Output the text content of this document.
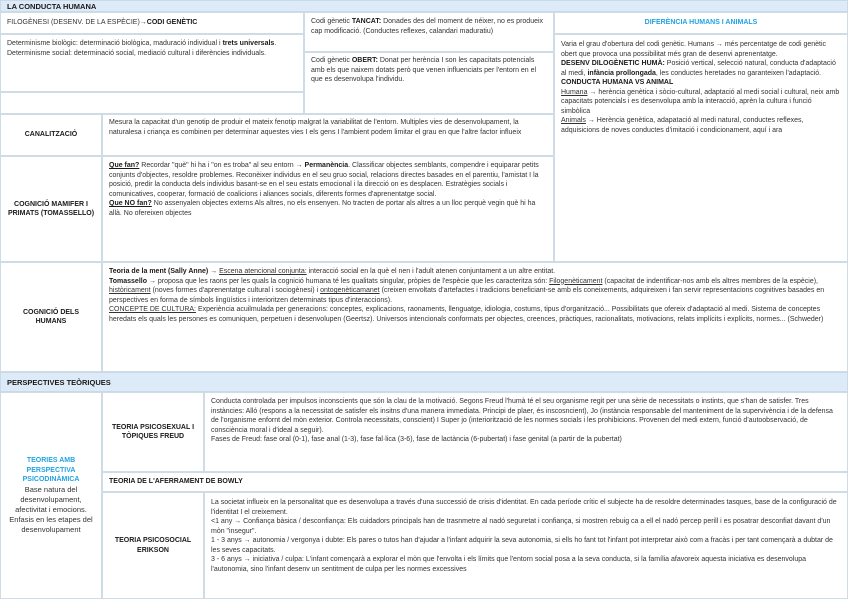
LA CONDUCTA HUMANA
FILOGÈNESI (DESENV. DE LA ESPÈCIE) → CODI GENÈTIC

Determinisme biològic: determinació biològica, maduració individual i trets universals.

Determinisme social: determinació social, mediació cultural i diferències individuals.

Codi gènetic TANCAT: Donades des del moment de néixer, no es produeix cap modificació. (Conductes reflexes, calandari maduratiu)
Codi gènetic OBERT: Donat per herència I son les capacitats potencials amb els que naixem dotats però que venen influenciats per l'entorn en el que es desenvolupa l'individu.
DIFERÈNCIA HUMANS I ANIMALS

Varia el grau d'obertura del codi genètic. Humans → més percentatge de codi genètic obert que provoca una possibilitat més gran de desenvi aprenentatge.

DESENV DILOGÈNETIC HUMÀ: Posició vertical, selecció natural, conducta d'adaptació al medi, infància prollongada, les conductes heretades no garanteixen l'adaptació.

CONDUCTA HUMANA VS ANIMAL

Humana → herència genètica i sòcio-cultural, adaptació al medi social i cultural, neix amb capacitats potencials i es desenvolupa amb la interacció, aprèn la cultura i funció simbòlica

Animals → Herència genètica, adapatació al medi natural, conductes reflexes, adquisicions de noves conductes d'imitació i condicionament, aquí i ara

CANALITZACIÓ
Mesura la capacitat d'un genotip de produir el mateix fenotip malgrat la variabilitat de l'entorn. Multiples vies de desenvolupament, la naturalesa i criança es combinen per determinar aquestes vies I els gens I l'ambient podem limitar el grau en que l'altre factor influeix
COGNICIÓ MAMIFER I PRIMATS (TOMASSELLO)

Que fan? Recordar "què" hi ha i "on es troba" al seu entorn → Permanència. Classificar objectes semblants, compendre i equiparar petits conjunts d'objectes, resoldre problemes. Reconèixer individus en el seu gruo social, relacions directes basades en el parentiu, l'amistat I la posició, predir la conducta dels individus basant-se en el seu estats emocional i la direcció on es desplacen. Estratègies socials i comunicatives, cooperar, formació de coalicions i aliances socials, diferents formes d'aprenentatge social.

Que NO fan? No assenyalen objectes externs Als altres, no els ensenyen. No tracten de portar als altres a un lloc perquè vegin què hi ha allà. No ofereixen objectes

COGNICIÓ DELS HUMANS

Teoria de la ment (Sally Anne) → Escena atencional conjunta: interacció social en la què el nen i l'adult atenen conjuntament a un altre entitat.

Tomassello → proposa que les raons per les quals la cognició humana té les qualitats singular, pròpies de l'espècie que les caracteritza són: Filogenèticament (capacitat de indentificar-nos amb els altres membres de la espècie), històricament (noves formes d'aprenentatge cultural i sociogènesi) i ontogenèticamanet (creixen envoltats d'artefactes i tradicions beneficiant-se amb els coneixements, adquireixen i fan servir representacions cognitives basades en perspectives en forma de símbols lingüístics i interioritzen determinats tipus d'interaccions).

CONCEPTE DE CULTURA: Experiència acuilmulada per generacions: conceptes, explicacions, raonaments, llenguatge, idiologia, costums, tipus d'organització... Possibilitats que ofereix d'adaptació al medi. Sistema de conceptes heredats els quals les persones es comuniquen, perpetuen i desenvolupen (Geertsz). Universos intencionals conformats per objectes, creences, pràctiques, racionalitats, motivacions, relats implícits i explícits, normes... (Schweder)

PERSPECTIVES TEÒRIQUES

TEORIES AMB PERSPECTIVA PSICODINÀMICA

Base natura del desenvolupament, afectivitat i emocions. Enfasis en les etapes del desenvolupament

TEORIA PSICOSEXUAL I TÒPIQUES FREUD

Conducta controlada per impulsos inconscients que són la clau de la motivació. Segons Freud l'humà té el seu organisme regit per una sèrie de necessitats o instints, que s'han de satisfer. Tres instàncies: Alló (respons a la necessitat de satisfer els insitns d'una manera immediata. Principi de plaer, és inscosncient), Jo (instància responsable del manteniment de la supervivència i de la defensa de l'organisme enfornt del mòn exterior. Controla necessitats, conscient) I Super jo (interiorització de les normes socials i les prohibicions. Provenen del medi extern, funció d'autoobservació, de consciència moral i d'ideal a seguir).

Fases de Freud: fase oral (0-1), fase anal (1-3), fase fal·lica (3-6), fase de lactància (6-pubertat) i fase genital (a partir de la pubertat)

TEORIA DE L'AFERRAMENT DE BOWLY
TEORIA PSICOSOCIAL ERIKSON

La societat influeix en la personalitat que es desenvolupa a través d'una successió de crisis d'identitat. En cada període crític el subjecte ha de resoldre determinades tasques, base de la configuració de l'identitat I el creixement.

<1 any → Confiança bàsica / desconfiança: Els cuidadors principals han de trasnmetre al nadó seguretat i confiança, si mostren rebuig ca a ell el nadó percep perill i es posatrar desconfiat davant d'un mòn "insegur".

1 - 3 anys → autonomia / vergonya i dubte: Els pares o tutos han d'ajudar a l'infant adquirir la seva autonomia, si ells ho fant tot l'infant pot interpretar això com a fracàs i per tant començarà a dubtar de les seves capacitats.

3 - 6 anys → iniciativa / culpa: L'infant començarà a explorar el mòn que l'envolta i els límits que l'entorn social posa a la seva conducta, si la família afavoreix aquesta iniciativa es desenvolupa l'autonomia, sino l'infant desenv un sentitment de culpa per les normes excessives
